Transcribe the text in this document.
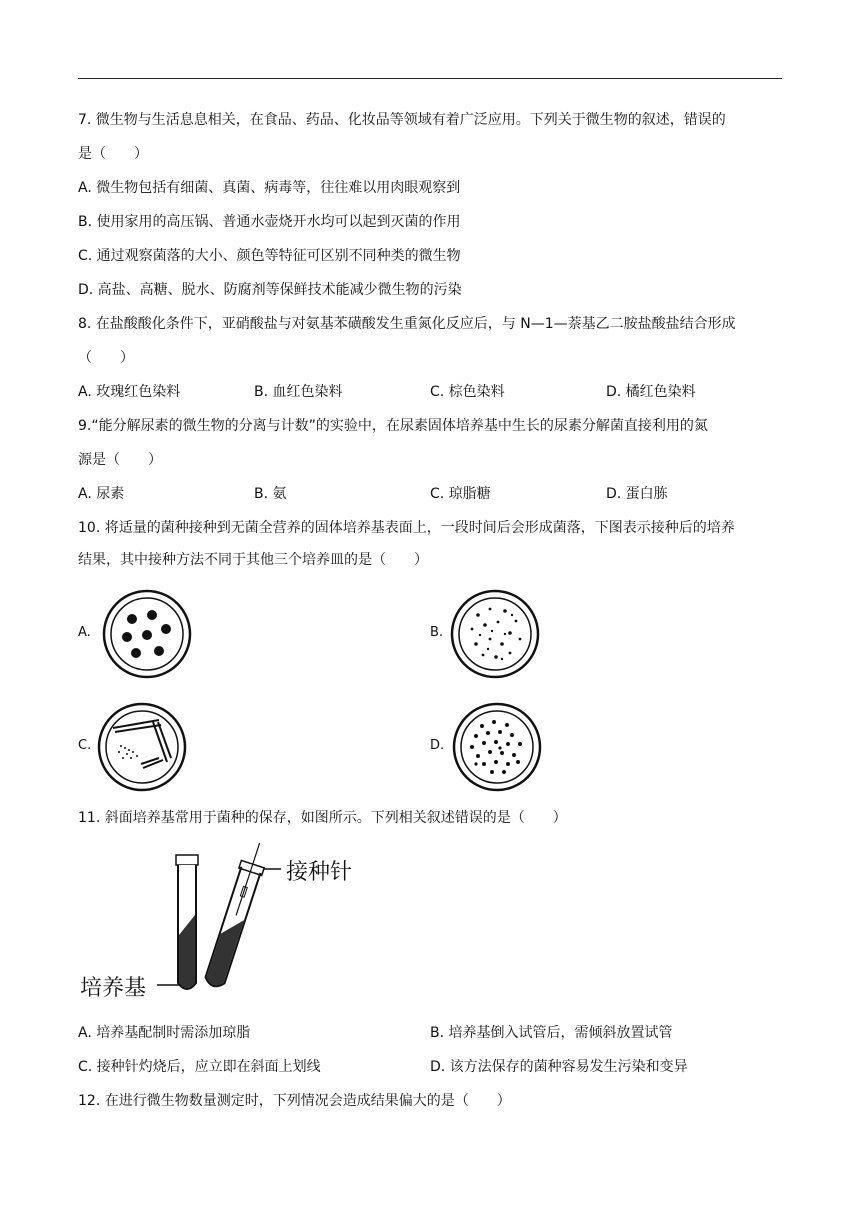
7. 微生物与生活息息相关，在食品、药品、化妆品等领域有着广泛应用。下列关于微生物的叙述，错误的
是（　　）
A. 微生物包括有细菌、真菌、病毒等，往往难以用肉眼观察到
B. 使用家用的高压锅、普通水壶烧开水均可以起到灭菌的作用
C. 通过观察菌落的大小、颜色等特征可区别不同种类的微生物
D. 高盐、高糖、脱水、防腐剂等保鲜技术能减少微生物的污染
8. 在盐酸酸化条件下，亚硝酸盐与对氨基苯磺酸发生重氮化反应后，与 N—1—萘基乙二胺盐酸盐结合形成
（　　）
A. 玫瑰红色染料	B. 血红色染料	C. 棕色染料	D. 橘红色染料
9.“能分解尿素的微生物的分离与计数”的实验中，在尿素固体培养基中生长的尿素分解菌直接利用的氮
源是（　　）
A. 尿素	B. 氨	C. 琼脂糖	D. 蛋白胨
10. 将适量的菌种接种到无菌全营养的固体培养基表面上，一段时间后会形成菌落，下图表示接种后的培养
结果，其中接种方法不同于其他三个培养皿的是（　　）
A.	B.
C.	D.
11. 斜面培养基常用于菌种的保存，如图所示。下列相关叙述错误的是（　　）
接种针
培养基
A. 培养基配制时需添加琼脂	B. 培养基倒入试管后，需倾斜放置试管
C. 接种针灼烧后，应立即在斜面上划线	D. 该方法保存的菌种容易发生污染和变异
12. 在进行微生物数量测定时，下列情况会造成结果偏大的是（　　）
